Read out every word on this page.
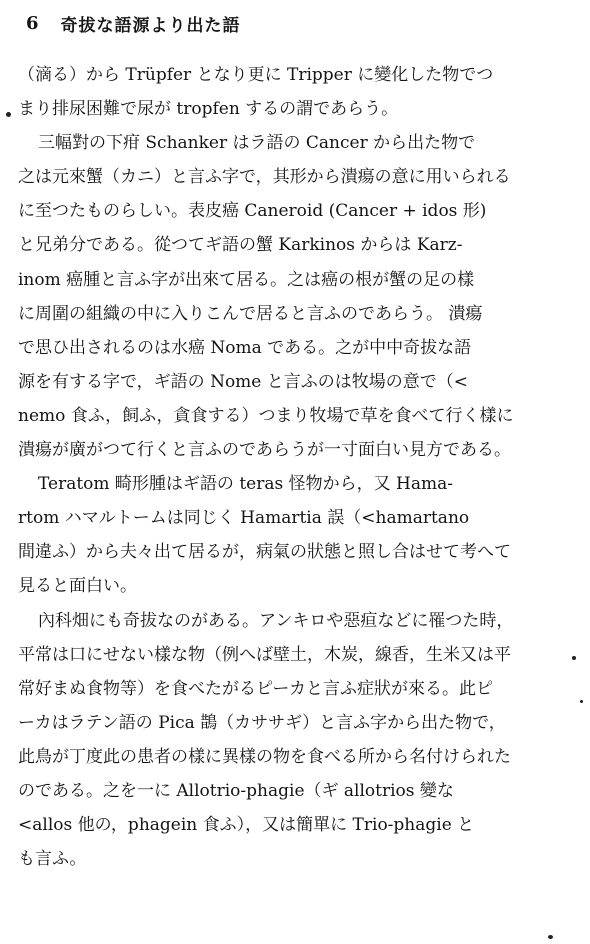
6 奇拔な語源より出た語
（滴る）から Trüpfer となり更に Tripper に變化した物でつ
まり排尿困難で尿が tropfen するの謂であらう。
三幅對の下疳 Schanker はラ語の Cancer から出た物で
之は元來蟹（カニ）と言ふ字で，其形から潰瘍の意に用いられる
に至つたものらしい。表皮癌 Caneroid (Cancer + idos 形)
と兄弟分である。從つてギ語の蟹 Karkinos からは Karz-
inom 癌腫と言ふ字が出來て居る。之は癌の根が蟹の足の樣
に周圍の組織の中に入りこんで居ると言ふのであらう。 潰瘍
で思ひ出されるのは水癌 Noma である。之が中中奇拔な語
源を有する字で，ギ語の Nome と言ふのは牧場の意で（<
nemo 食ふ，飼ふ，貪食する）つまり牧場で草を食べて行く樣に
潰瘍が廣がつて行くと言ふのであらうが一寸面白い見方である。
Teratom 畸形腫はギ語の teras 怪物から，又 Hama-
rtom ハマルトームは同じく Hamartia 誤（<hamartano
間違ふ）から夫々出て居るが，病氣の狀態と照し合はせて考へて
見ると面白い。
內科畑にも奇拔なのがある。アンキロや惡疸などに罹つた時，
平常は口にせない樣な物（例へば壁土，木炭，線香，生米又は平
常好まぬ食物等）を食べたがるピーカと言ふ症狀が來る。此ピ
ーカはラテン語の Pica 鵲（カササギ）と言ふ字から出た物で，
此鳥が丁度此の患者の樣に異樣の物を食べる所から名付けられた
のである。之を一に Allotrio-phagie（ギ allotrios 變な
<allos 他の，phagein 食ふ），又は簡單に Trio-phagie と
も言ふ。
